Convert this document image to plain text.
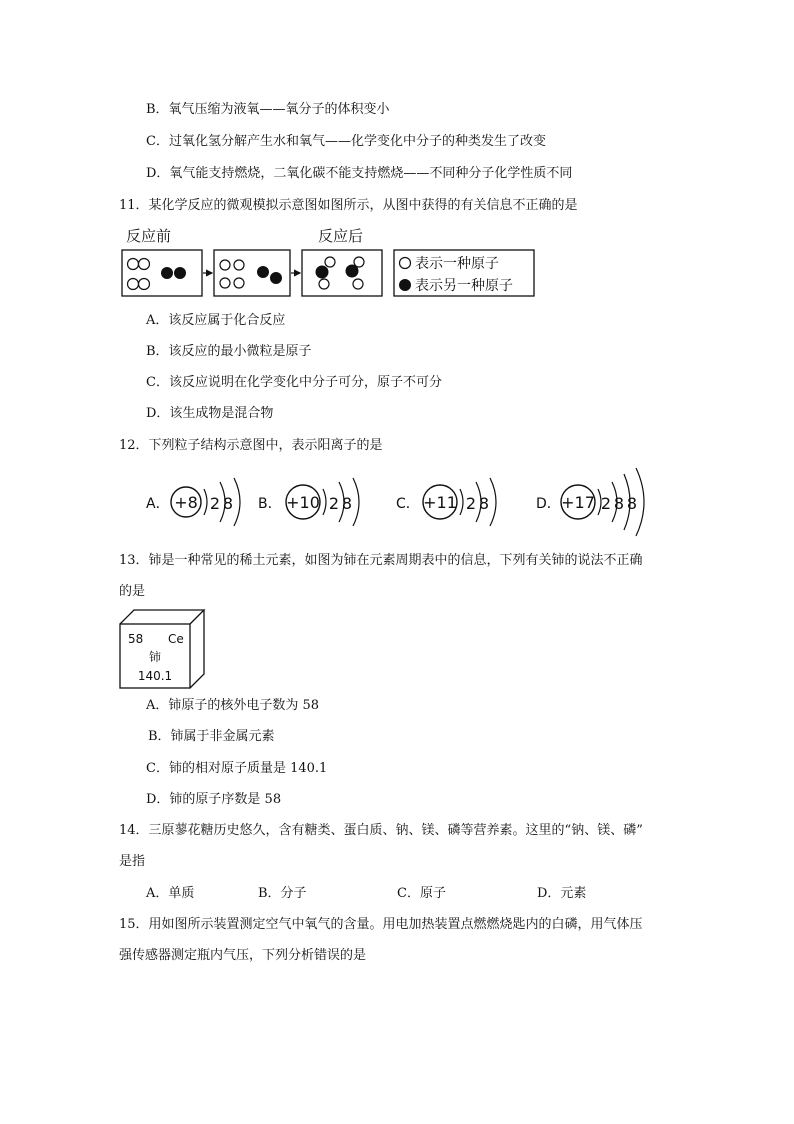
B．氧气压缩为液氧——氧分子的体积变小
C．过氧化氢分解产生水和氧气——化学变化中分子的种类发生了改变
D．氧气能支持燃烧，二氧化碳不能支持燃烧——不同种分子化学性质不同
11．某化学反应的微观模拟示意图如图所示，从图中获得的有关信息不正确的是
反应前	反应后
表示一种原子
表示另一种原子
A．该反应属于化合反应
B．该反应的最小微粒是原子
C．该反应说明在化学变化中分子可分，原子不可分
D．该生成物是混合物
12．下列粒子结构示意图中，表示阳离子的是
A． +8 2 8 B． +10 2 8	C． +11 2 8	D． +17 2 8 8
13．铈是一种常见的稀土元素，如图为铈在元素周期表中的信息，下列有关铈的说法不正确
的是
58 Ce
铈
140.1
A．铈原子的核外电子数为 58
B．铈属于非金属元素
C．铈的相对原子质量是 140.1
D．铈的原子序数是 58
14．三原蓼花糖历史悠久，含有糖类、蛋白质、钠、镁、磷等营养素。这里的“钠、镁、磷”
是指
A．单质	B．分子	C．原子	D．元素
15．用如图所示装置测定空气中氧气的含量。用电加热装置点燃燃烧匙内的白磷，用气体压
强传感器测定瓶内气压，下列分析错误的是
